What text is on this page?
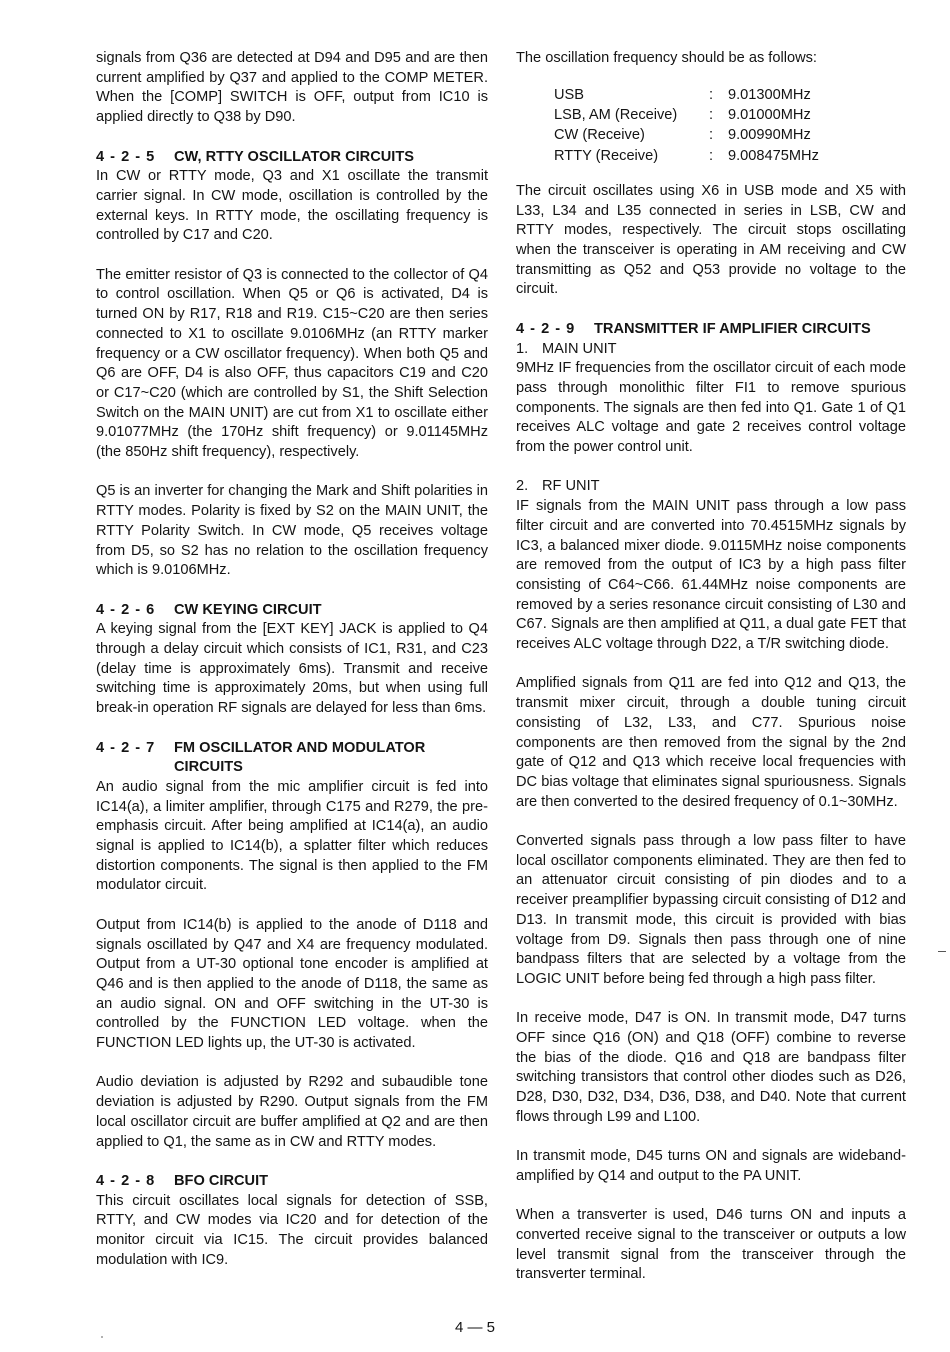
signals from Q36 are detected at D94 and D95 and are then current amplified by Q37 and applied to the COMP METER. When the [COMP] SWITCH is OFF, output from IC10 is applied directly to Q38 by D90.

4 - 2 - 5	CW, RTTY OSCILLATOR CIRCUITS

In CW or RTTY mode, Q3 and X1 oscillate the transmit carrier signal. In CW mode, oscillation is controlled by the external keys. In RTTY mode, the oscillating frequency is controlled by C17 and C20.

The emitter resistor of Q3 is connected to the collector of Q4 to control oscillation. When Q5 or Q6 is activated, D4 is turned ON by R17, R18 and R19. C15~C20 are then series connected to X1 to oscillate 9.0106MHz (an RTTY marker frequency or a CW oscillator frequency). When both Q5 and Q6 are OFF, D4 is also OFF, thus capacitors C19 and C20 or C17~C20 (which are controlled by S1, the Shift Selection Switch on the MAIN UNIT) are cut from X1 to oscillate either 9.01077MHz (the 170Hz shift frequency) or 9.01145MHz (the 850Hz shift frequency), respectively.

Q5 is an inverter for changing the Mark and Shift polarities in RTTY modes. Polarity is fixed by S2 on the MAIN UNIT, the RTTY Polarity Switch. In CW mode, Q5 receives voltage from D5, so S2 has no relation to the oscillation frequency which is 9.0106MHz.

4 - 2 - 6	CW KEYING CIRCUIT

A keying signal from the [EXT KEY] JACK is applied to Q4 through a delay circuit which consists of IC1, R31, and C23 (delay time is approximately 6ms). Transmit and receive switching time is approximately 20ms, but when using full break-in operation RF signals are delayed for less than 6ms.

4 - 2 - 7	FM OSCILLATOR AND MODULATOR
CIRCUITS

An audio signal from the mic amplifier circuit is fed into IC14(a), a limiter amplifier, through C175 and R279, the pre-emphasis circuit. After being amplified at IC14(a), an audio signal is applied to IC14(b), a splatter filter which reduces distortion components. The signal is then applied to the FM modulator circuit.

Output from IC14(b) is applied to the anode of D118 and signals oscillated by Q47 and X4 are frequency modulated. Output from a UT-30 optional tone encoder is amplified at Q46 and is then applied to the anode of D118, the same as an audio signal. ON and OFF switching in the UT-30 is controlled by the FUNCTION LED voltage. when the FUNCTION LED lights up, the UT-30 is activated.

Audio deviation is adjusted by R292 and subaudible tone deviation is adjusted by R290. Output signals from the FM local oscillator circuit are buffer amplified at Q2 and are then applied to Q1, the same as in CW and RTTY modes.

4 - 2 - 8	BFO CIRCUIT

This circuit oscillates local signals for detection of SSB, RTTY, and CW modes via IC20 and for detection of the monitor circuit via IC15. The circuit provides balanced modulation with IC9.

The oscillation frequency should be as follows:

USB	:	9.01300MHz
LSB, AM (Receive)	:	9.01000MHz
CW (Receive)	:	9.00990MHz
RTTY (Receive)	:	9.008475MHz

The circuit oscillates using X6 in USB mode and X5 with L33, L34 and L35 connected in series in LSB, CW and RTTY modes, respectively. The circuit stops oscillating when the transceiver is operating in AM receiving and CW transmitting as Q52 and Q53 provide no voltage to the circuit.

4 - 2 - 9	TRANSMITTER IF AMPLIFIER CIRCUITS

1. MAIN UNIT

9MHz IF frequencies from the oscillator circuit of each mode pass through monolithic filter FI1 to remove spurious components. The signals are then fed into Q1. Gate 1 of Q1 receives ALC voltage and gate 2 receives control voltage from the power control unit.

2. RF UNIT

IF signals from the MAIN UNIT pass through a low pass filter circuit and are converted into 70.4515MHz signals by IC3, a balanced mixer diode. 9.0115MHz noise components are removed from the output of IC3 by a high pass filter consisting of C64~C66. 61.44MHz noise components are removed by a series resonance circuit consisting of L30 and C67. Signals are then amplified at Q11, a dual gate FET that receives ALC voltage through D22, a T/R switching diode.

Amplified signals from Q11 are fed into Q12 and Q13, the transmit mixer circuit, through a double tuning circuit consisting of L32, L33, and C77. Spurious noise components are then removed from the signal by the 2nd gate of Q12 and Q13 which receive local frequencies with DC bias voltage that eliminates signal spuriousness. Signals are then converted to the desired frequency of 0.1~30MHz.

Converted signals pass through a low pass filter to have local oscillator components eliminated. They are then fed to an attenuator circuit consisting of pin diodes and to a receiver preamplifier bypassing circuit consisting of D12 and D13. In transmit mode, this circuit is provided with bias voltage from D9. Signals then pass through one of nine bandpass filters that are selected by a voltage from the LOGIC UNIT before being fed through a high pass filter.

In receive mode, D47 is ON. In transmit mode, D47 turns OFF since Q16 (ON) and Q18 (OFF) combine to reverse the bias of the diode. Q16 and Q18 are bandpass filter switching transistors that control other diodes such as D26, D28, D30, D32, D34, D36, D38, and D40. Note that current flows through L99 and L100.

In transmit mode, D45 turns ON and signals are wideband-amplified by Q14 and output to the PA UNIT.

When a transverter is used, D46 turns ON and inputs a converted receive signal to the transceiver or outputs a low level transmit signal from the transceiver through the transverter terminal.

4 — 5
